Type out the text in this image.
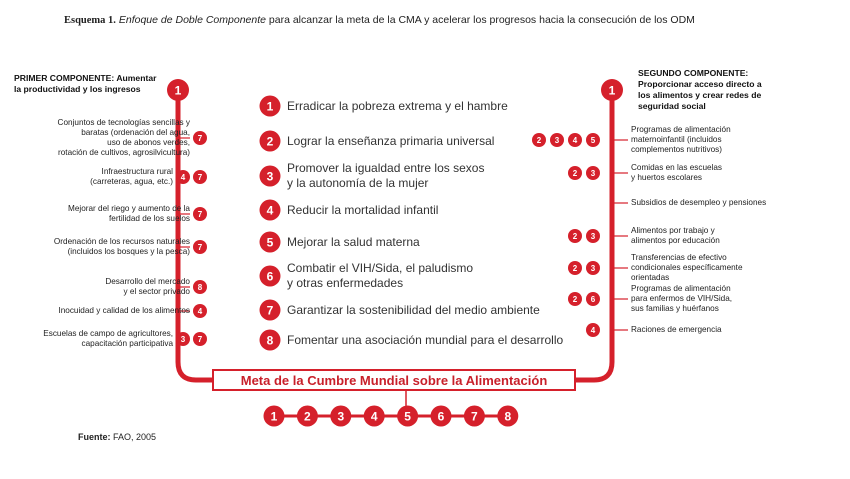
Esquema 1. Enfoque de Doble Componente para alcanzar la meta de la CMA y acelerar los progresos hacia la consecución de los ODM
PRIMER COMPONENTE: Aumentar
la productividad y los ingresos
SEGUNDO COMPONENTE:
Proporcionar acceso directo a
los alimentos y crear redes de
seguridad social
1	1
1
2
3
4
5
6
7
8
7
4 7
7
7
8
4
3 7
2 3 4 5
2 3
2 3
2 3
2 6
4
1 2 3 4 5 6 7 8
Erradicar la pobreza extrema y el hambre
Lograr la enseñanza primaria universal
Promover la igualdad entre los sexos
y la autonomía de la mujer
Reducir la mortalidad infantil
Mejorar la salud materna
Combatir el VIH/Sida, el paludismo
y otras enfermedades
Garantizar la sostenibilidad del medio ambiente
Fomentar una asociación mundial para el desarrollo
Conjuntos de tecnologías sencillas y
baratas (ordenación del agua,
uso de abonos verdes,
rotación de cultivos, agrosilvicultura)
Infraestructura rural
(carreteras, agua, etc.)
Mejorar del riego y aumento de la
fertilidad de los suelos
Ordenación de los recursos naturales
(incluidos los bosques y la pesca)
Desarrollo del mercado
y el sector privado
Inocuidad y calidad de los alimentos
Escuelas de campo de agricultores,
capacitación participativa
Programas de alimentación
maternoinfantil (incluidos
complementos nutritivos)
Comidas en las escuelas
y huertos escolares
Subsidios de desempleo y pensiones
Alimentos por trabajo y
alimentos por educación
Transferencias de efectivo
condicionales específicamente
orientadas
Programas de alimentación
para enfermos de VIH/Sida,
sus familias y huérfanos
Raciones de emergencia
Meta de la Cumbre Mundial sobre la Alimentación
Fuente: FAO, 2005
